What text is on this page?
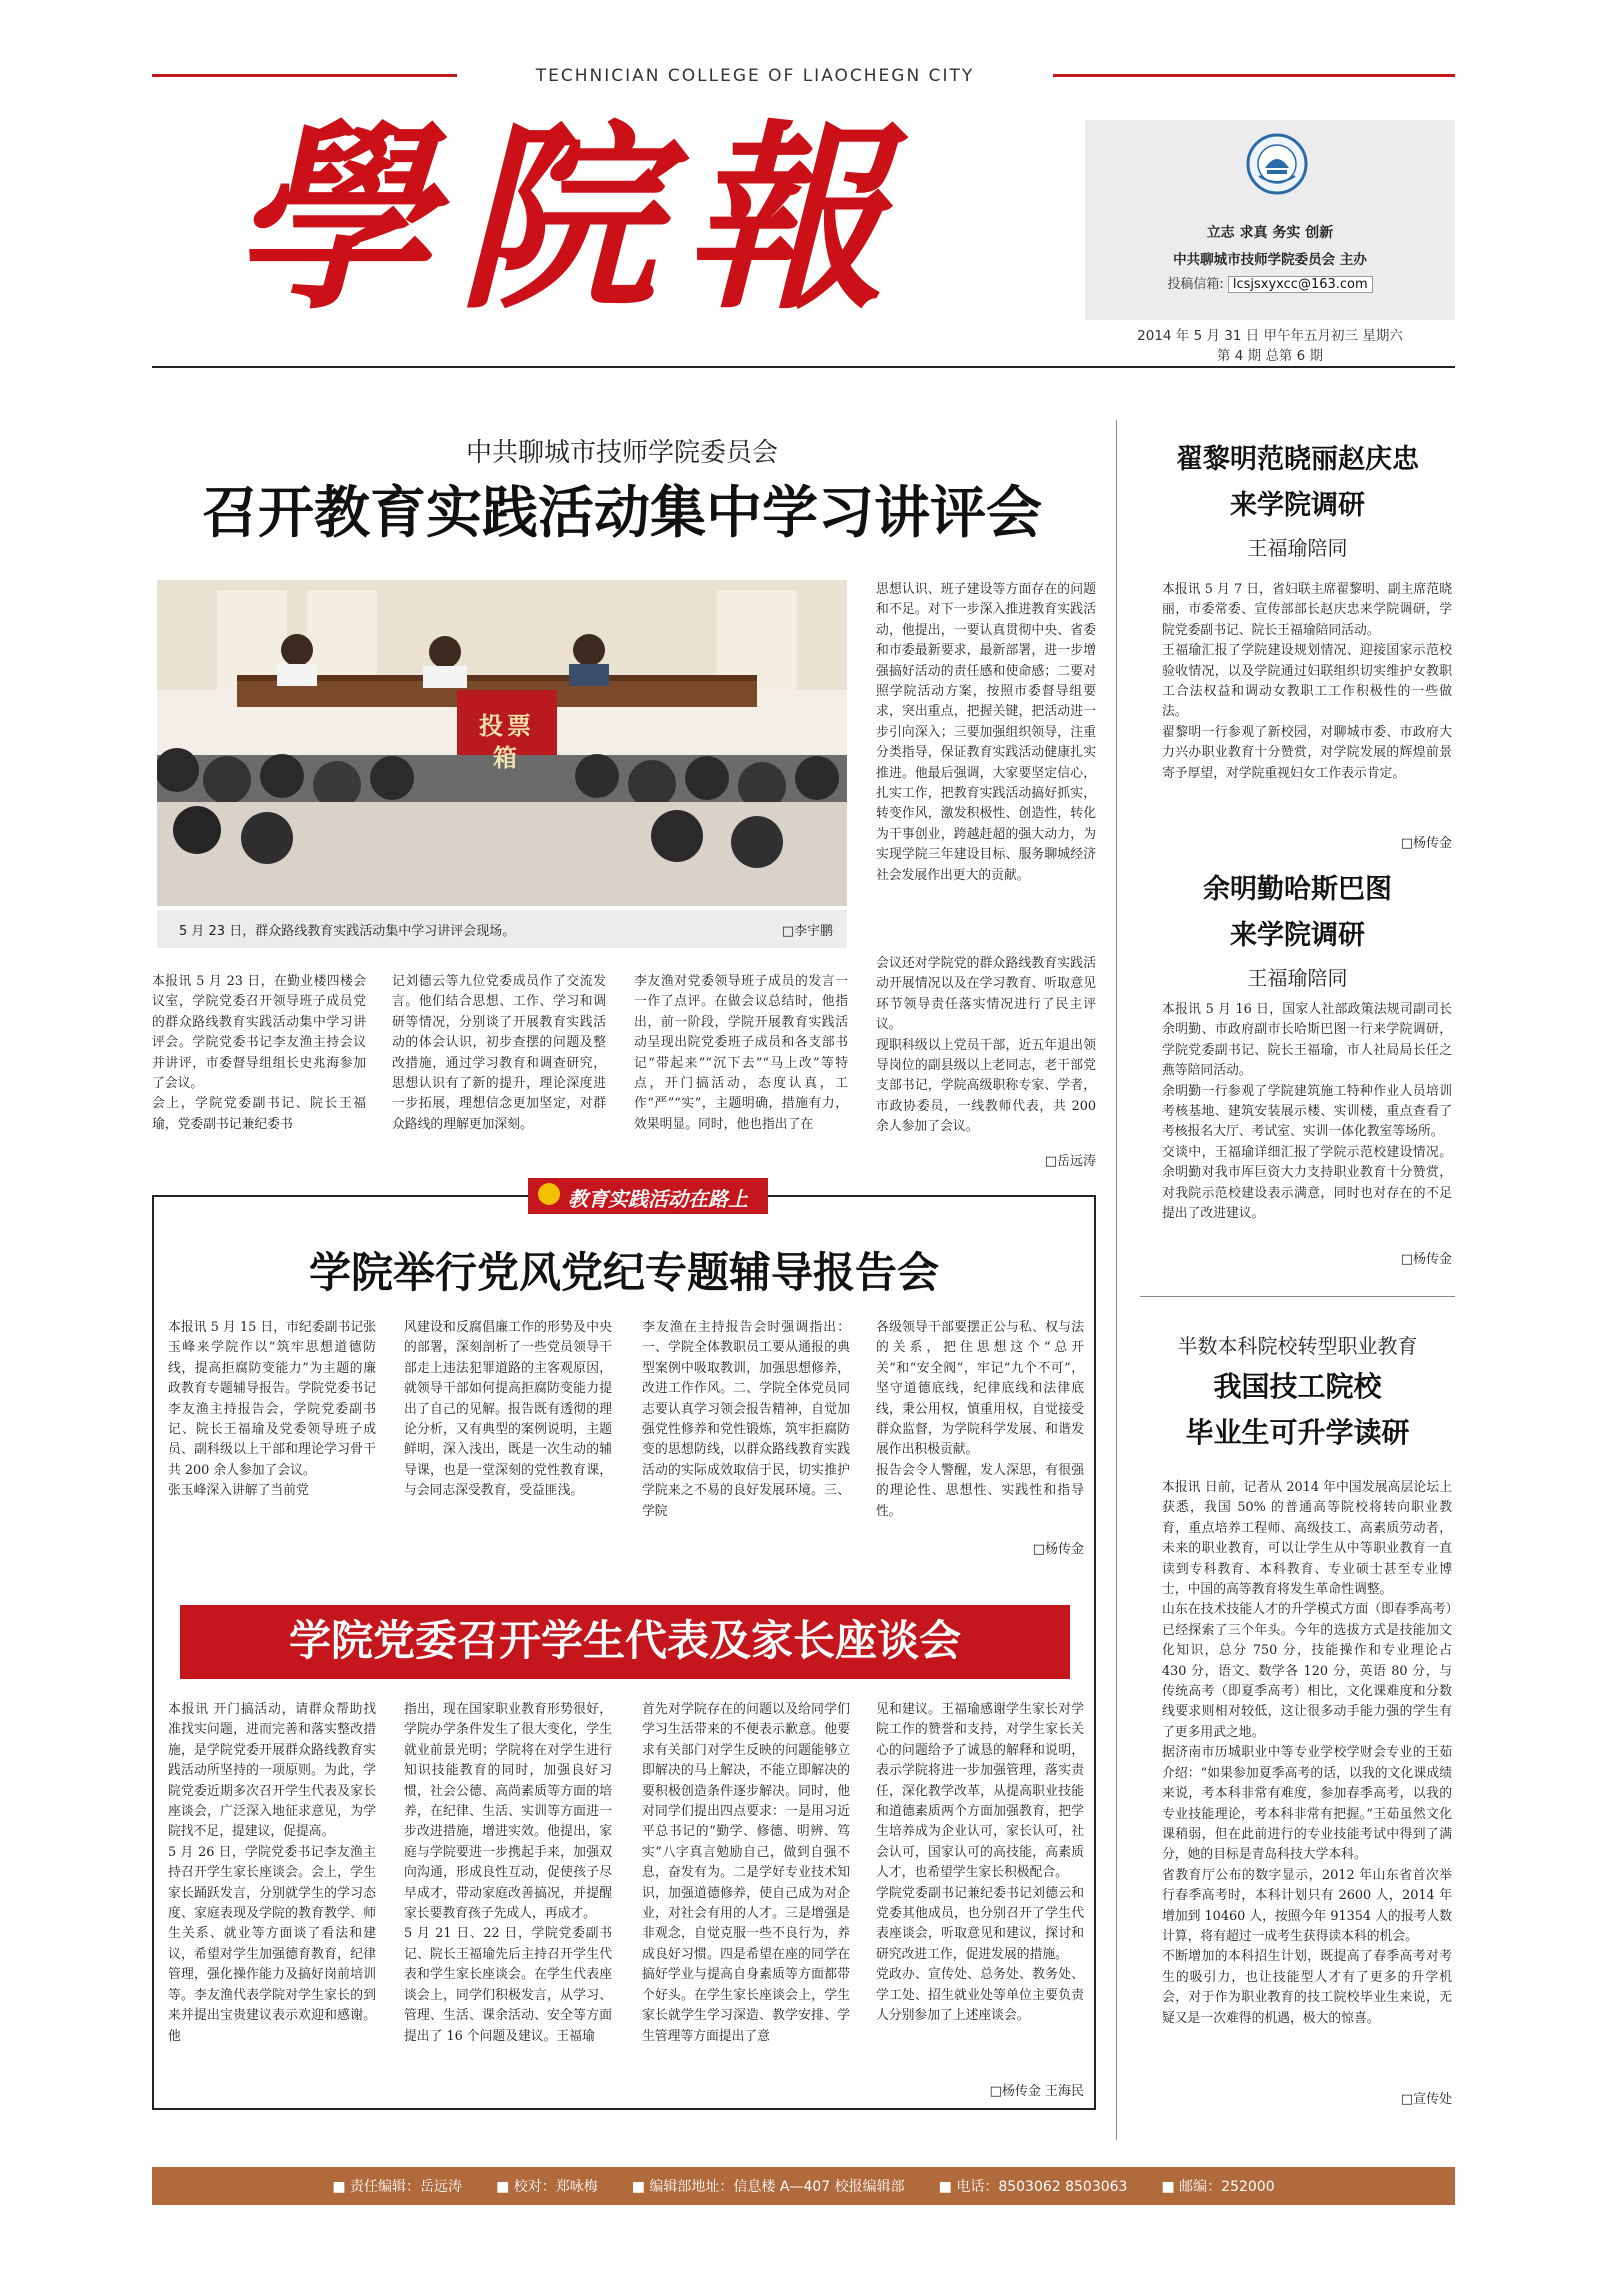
TECHNICIAN COLLEGE OF LIAOCHEGN CITY
學院報	立志 求真 务实 创新
中共聊城市技师学院委员会 主办
投稿信箱: lcsjsxyxcc@163.com
2014 年 5 月 31 日 甲午年五月初三 星期六
第 4 期 总第 6 期
中共聊城市技师学院委员会
召开教育实践活动集中学习讲评会
投票箱
5 月 23 日，群众路线教育实践活动集中学习讲评会现场。	□李宇鹏

思想认识、班子建设等方面存在的问题和不足。对下一步深入推进教育实践活动，他提出，一要认真贯彻中央、省委和市委最新要求，最新部署，进一步增强搞好活动的责任感和使命感；二要对照学院活动方案，按照市委督导组要求，突出重点，把握关键，把活动进一步引向深入；三要加强组织领导，注重分类指导，保证教育实践活动健康扎实推进。他最后强调，大家要坚定信心，扎实工作，把教育实践活动搞好抓实，转变作风，激发积极性、创造性，转化为干事创业，跨越赶超的强大动力，为实现学院三年建设目标、服务聊城经济社会发展作出更大的贡献。

本报讯 5 月 23 日，在勤业楼四楼会议室，学院党委召开领导班子成员党的群众路线教育实践活动集中学习讲评会。学院党委书记李友渔主持会议并讲评，市委督导组组长史兆海参加了会议。
会上，学院党委副书记、院长王福瑜，党委副书记兼纪委书
记刘德云等九位党委成员作了交流发言。他们结合思想、工作、学习和调研等情况，分别谈了开展教育实践活动的体会认识，初步查摆的问题及整改措施，通过学习教育和调查研究，思想认识有了新的提升，理论深度进一步拓展，理想信念更加坚定，对群众路线的理解更加深刻。
李友渔对党委领导班子成员的发言一一作了点评。在做会议总结时，他指出，前一阶段，学院开展教育实践活动呈现出院党委班子成员和各支部书记“带起来”“沉下去”“马上改”等特点，开门搞活动，态度认真，工作“严”“实”，主题明确，措施有力，效果明显。同时，他也指出了在
会议还对学院党的群众路线教育实践活动开展情况以及在学习教育、听取意见环节领导责任落实情况进行了民主评议。
现职科级以上党员干部，近五年退出领导岗位的副县级以上老同志，老干部党支部书记，学院高级职称专家、学者，市政协委员，一线教师代表，共 200 余人参加了会议。
□岳远涛
教育实践活动在路上
学院举行党风党纪专题辅导报告会
本报讯 5 月 15 日，市纪委副书记张玉峰来学院作以“筑牢思想道德防线，提高拒腐防变能力”为主题的廉政教育专题辅导报告。学院党委书记李友渔主持报告会，学院党委副书记、院长王福瑜及党委领导班子成员、副科级以上干部和理论学习骨干共 200 余人参加了会议。
张玉峰深入讲解了当前党
风建设和反腐倡廉工作的形势及中央的部署，深刻剖析了一些党员领导干部走上违法犯罪道路的主客观原因，就领导干部如何提高拒腐防变能力提出了自己的见解。报告既有透彻的理论分析，又有典型的案例说明，主题鲜明，深入浅出，既是一次生动的辅导课，也是一堂深刻的党性教育课，与会同志深受教育，受益匪浅。
李友渔在主持报告会时强调指出：一、学院全体教职员工要从通报的典型案例中吸取教训，加强思想修养，改进工作作风。二、学院全体党员同志要认真学习领会报告精神，自觉加强党性修养和党性锻炼，筑牢拒腐防变的思想防线，以群众路线教育实践活动的实际成效取信于民，切实推护学院来之不易的良好发展环境。三、学院
各级领导干部要摆正公与私、权与法的关系，把住思想这个“总开关”和“安全阀”，牢记“九个不可”，坚守道德底线，纪律底线和法律底线，秉公用权，慎重用权，自觉接受群众监督，为学院科学发展、和谐发展作出积极贡献。
报告会令人警醒，发人深思，有很强的理论性、思想性、实践性和指导性。
□杨传金
学院党委召开学生代表及家长座谈会
本报讯 开门搞活动，请群众帮助找准找实问题，进而完善和落实整改措施，是学院党委开展群众路线教育实践活动所坚持的一项原则。为此，学院党委近期多次召开学生代表及家长座谈会，广泛深入地征求意见，为学院找不足，提建议，促提高。
5 月 26 日，学院党委书记李友渔主持召开学生家长座谈会。会上，学生家长踊跃发言，分别就学生的学习态度、家庭表现及学院的教育教学、师生关系、就业等方面谈了看法和建议，希望对学生加强德育教育，纪律管理，强化操作能力及搞好岗前培训等。李友渔代表学院对学生家长的到来并提出宝贵建议表示欢迎和感谢。他
指出，现在国家职业教育形势很好，学院办学条件发生了很大变化，学生就业前景光明；学院将在对学生进行知识技能教育的同时，加强良好习惯，社会公德、高尚素质等方面的培养，在纪律、生活、实训等方面进一步改进措施，增进实效。他提出，家庭与学院要进一步携起手来，加强双向沟通，形成良性互动，促使孩子尽早成才，带动家庭改善搞况，并提醒家长要教育孩子先成人，再成才。
5 月 21 日、22 日，学院党委副书记、院长王福瑜先后主持召开学生代表和学生家长座谈会。在学生代表座谈会上，同学们积极发言，从学习、管理、生活、课余活动、安全等方面提出了 16 个问题及建议。王福瑜
首先对学院存在的问题以及给同学们学习生活带来的不便表示歉意。他要求有关部门对学生反映的问题能够立即解决的马上解决，不能立即解决的要积极创造条件逐步解决。同时，他对同学们提出四点要求：一是用习近平总书记的“勤学、修德、明辨、笃实”八字真言勉励自己，做到自强不息，奋发有为。二是学好专业技术知识，加强道德修养，使自己成为对企业，对社会有用的人才。三是增强是非观念，自觉克服一些不良行为，养成良好习惯。四是希望在座的同学在搞好学业与提高自身素质等方面都带个好头。在学生家长座谈会上，学生家长就学生学习深造、教学安排、学生管理等方面提出了意
见和建议。王福瑜感谢学生家长对学院工作的赞誉和支持，对学生家长关心的问题给予了诚恳的解释和说明，表示学院将进一步加强管理，落实责任，深化教学改革，从提高职业技能和道德素质两个方面加强教育，把学生培养成为企业认可，家长认可，社会认可，国家认可的高技能，高素质人才，也希望学生家长积极配合。
学院党委副书记兼纪委书记刘德云和党委其他成员，也分别召开了学生代表座谈会，听取意见和建议，探讨和研究改进工作，促进发展的措施。
党政办、宣传处、总务处、教务处、学工处、招生就业处等单位主要负责人分别参加了上述座谈会。
□杨传金 王海民
翟黎明范晓丽赵庆忠
来学院调研
王福瑜陪同
本报讯 5 月 7 日，省妇联主席翟黎明、副主席范晓丽，市委常委、宣传部部长赵庆忠来学院调研，学院党委副书记、院长王福瑜陪同活动。
王福瑜汇报了学院建设规划情况、迎接国家示范校验收情况，以及学院通过妇联组织切实维护女教职工合法权益和调动女教职工工作积极性的一些做法。
翟黎明一行参观了新校园，对聊城市委、市政府大力兴办职业教育十分赞赏，对学院发展的辉煌前景寄予厚望，对学院重视妇女工作表示肯定。
□杨传金
余明勤哈斯巴图
来学院调研
王福瑜陪同
本报讯 5 月 16 日，国家人社部政策法规司副司长余明勤、市政府副市长哈斯巴图一行来学院调研，学院党委副书记、院长王福瑜，市人社局局长任之燕等陪同活动。
余明勤一行参观了学院建筑施工特种作业人员培训考核基地、建筑安装展示楼、实训楼，重点查看了考核报名大厅、考试室、实训一体化教室等场所。
交谈中，王福瑜详细汇报了学院示范校建设情况。余明勤对我市厍巨资大力支持职业教育十分赞赏，对我院示范校建设表示满意，同时也对存在的不足提出了改进建议。
□杨传金
半数本科院校转型职业教育
我国技工院校
毕业生可升学读研
本报讯 日前，记者从 2014 年中国发展高层论坛上获悉，我国 50% 的普通高等院校将转向职业教育，重点培养工程师、高级技工、高素质劳动者，未来的职业教育，可以让学生从中等职业教育一直读到专科教育、本科教育、专业硕士甚至专业博士，中国的高等教育将发生革命性调整。
山东在技术技能人才的升学模式方面（即春季高考）已经探索了三个年头。今年的选拔方式是技能加文化知识，总分 750 分，技能操作和专业理论占 430 分，语文、数学各 120 分，英语 80 分，与传统高考（即夏季高考）相比，文化课难度和分数线要求则相对较低，这让很多动手能力强的学生有了更多用武之地。
据济南市历城职业中等专业学校学财会专业的王茹介绍：“如果参加夏季高考的话，以我的文化课成绩来说，考本科非常有难度，参加春季高考，以我的专业技能理论，考本科非常有把握。”王茹虽然文化课稍弱，但在此前进行的专业技能考试中得到了满分，她的目标是青岛科技大学本科。
省教育厅公布的数字显示，2012 年山东省首次举行春季高考时，本科计划只有 2600 人，2014 年增加到 10460 人，按照今年 91354 人的报考人数计算，将有超过一成考生获得读本科的机会。
不断增加的本科招生计划，既提高了春季高考对考生的吸引力，也让技能型人才有了更多的升学机会，对于作为职业教育的技工院校毕业生来说，无疑又是一次难得的机遇，极大的惊喜。
□宣传处
■ 责任编辑：岳远涛 ■ 校对：郑咏梅 ■ 编辑部地址：信息楼 A—407 校报编辑部 ■ 电话：8503062 8503063 ■ 邮编：252000
